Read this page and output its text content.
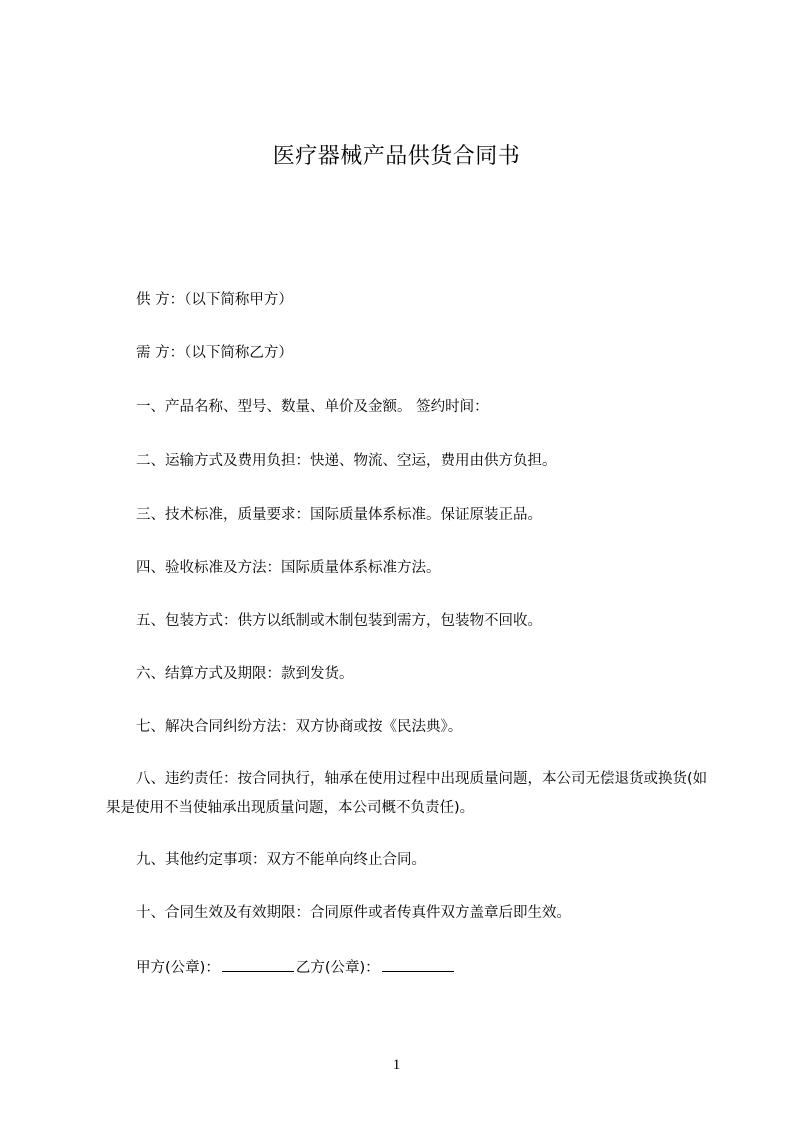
医疗器械产品供货合同书
供 方：（以下简称甲方）
需 方：（以下简称乙方）
一、产品名称、型号、数量、单价及金额。 签约时间：
二、运输方式及费用负担：快递、物流、空运，费用由供方负担。
三、技术标准，质量要求：国际质量体系标准。保证原装正品。
四、验收标准及方法：国际质量体系标准方法。
五、包装方式：供方以纸制或木制包装到需方，包装物不回收。
六、结算方式及期限：款到发货。
七、解决合同纠纷方法：双方协商或按《民法典》。
八、违约责任：按合同执行，轴承在使用过程中出现质量问题，本公司无偿退货或换货(如果是使用不当使轴承出现质量问题，本公司概不负责任)。
九、其他约定事项：双方不能单向终止合同。
十、合同生效及有效期限：合同原件或者传真件双方盖章后即生效。
甲方(公章)：	乙方(公章)：
1
